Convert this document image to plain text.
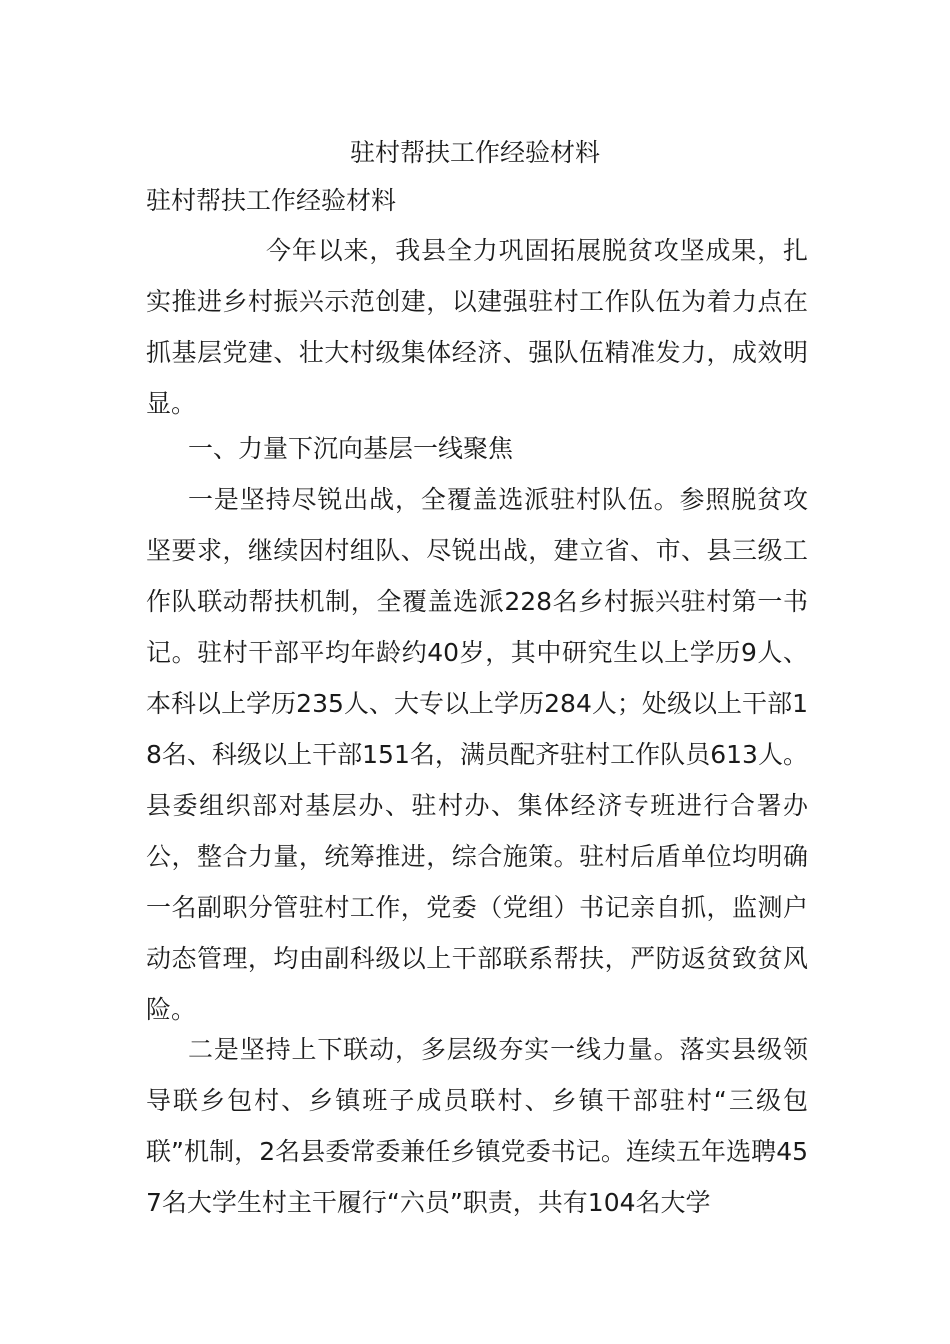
驻村帮扶工作经验材料
驻村帮扶工作经验材料

今年以来，我县全力巩固拓展脱贫攻坚成果，扎实推进乡村振兴示范创建，以建强驻村工作队伍为着力点在抓基层党建、壮大村级集体经济、强队伍精准发力，成效明显。

一、力量下沉向基层一线聚焦

一是坚持尽锐出战，全覆盖选派驻村队伍。参照脱贫攻坚要求，继续因村组队、尽锐出战，建立省、市、县三级工作队联动帮扶机制，全覆盖选派228名乡村振兴驻村第一书记。驻村干部平均年龄约40岁，其中研究生以上学历9人、本科以上学历235人、大专以上学历284人；处级以上干部18名、科级以上干部151名，满员配齐驻村工作队员613人。县委组织部对基层办、驻村办、集体经济专班进行合署办公，整合力量，统筹推进，综合施策。驻村后盾单位均明确一名副职分管驻村工作，党委（党组）书记亲自抓，监测户动态管理，均由副科级以上干部联系帮扶，严防返贫致贫风险。

二是坚持上下联动，多层级夯实一线力量。落实县级领导联乡包村、乡镇班子成员联村、乡镇干部驻村“三级包联”机制，2名县委常委兼任乡镇党委书记。连续五年选聘457名大学生村主干履行“六员”职责，共有104名大学
